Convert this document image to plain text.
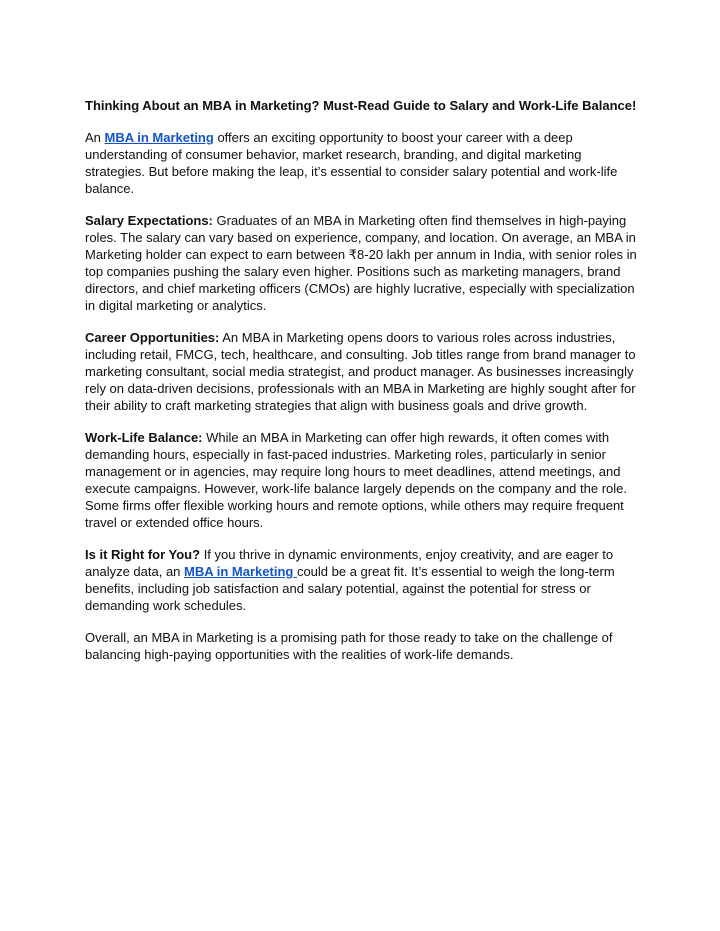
Thinking About an MBA in Marketing? Must-Read Guide to Salary and Work-Life Balance!

An MBA in Marketing offers an exciting opportunity to boost your career with a deep understanding of consumer behavior, market research, branding, and digital marketing strategies. But before making the leap, it’s essential to consider salary potential and work-life balance.

Salary Expectations: Graduates of an MBA in Marketing often find themselves in high-paying roles. The salary can vary based on experience, company, and location. On average, an MBA in Marketing holder can expect to earn between ₹8-20 lakh per annum in India, with senior roles in top companies pushing the salary even higher. Positions such as marketing managers, brand directors, and chief marketing officers (CMOs) are highly lucrative, especially with specialization in digital marketing or analytics.

Career Opportunities: An MBA in Marketing opens doors to various roles across industries, including retail, FMCG, tech, healthcare, and consulting. Job titles range from brand manager to marketing consultant, social media strategist, and product manager. As businesses increasingly rely on data-driven decisions, professionals with an MBA in Marketing are highly sought after for their ability to craft marketing strategies that align with business goals and drive growth.

Work-Life Balance: While an MBA in Marketing can offer high rewards, it often comes with demanding hours, especially in fast-paced industries. Marketing roles, particularly in senior management or in agencies, may require long hours to meet deadlines, attend meetings, and execute campaigns. However, work-life balance largely depends on the company and the role. Some firms offer flexible working hours and remote options, while others may require frequent travel or extended office hours.

Is it Right for You? If you thrive in dynamic environments, enjoy creativity, and are eager to analyze data, an MBA in Marketing could be a great fit. It’s essential to weigh the long-term benefits, including job satisfaction and salary potential, against the potential for stress or demanding work schedules.

Overall, an MBA in Marketing is a promising path for those ready to take on the challenge of balancing high-paying opportunities with the realities of work-life demands.
